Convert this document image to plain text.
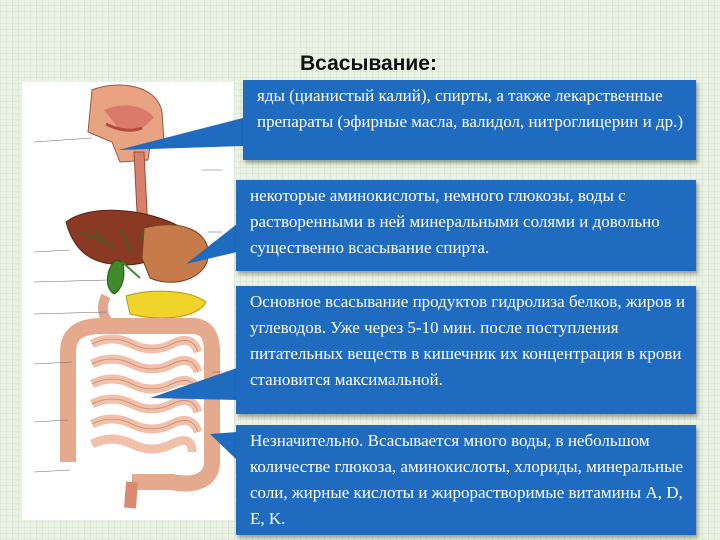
Всасывание:

яды (цианистый калий), спирты, а также лекарственные препараты (эфирные масла, валидол, нитроглицерин и др.)

некоторые аминокислоты, немного глюкозы, воды с растворенными в ней минеральными солями и довольно существенно всасывание спирта.

Основное всасывание продуктов гидролиза белков, жиров и углеводов. Уже через 5-10 мин. после поступления питательных веществ в кишечник их концентрация в крови становится максимальной.

Незначительно. Всасывается много воды, в небольшом количестве глюкоза, аминокислоты, хлориды, минеральные соли, жирные кислоты и жирорастворимые витамины A, D, E, K.
